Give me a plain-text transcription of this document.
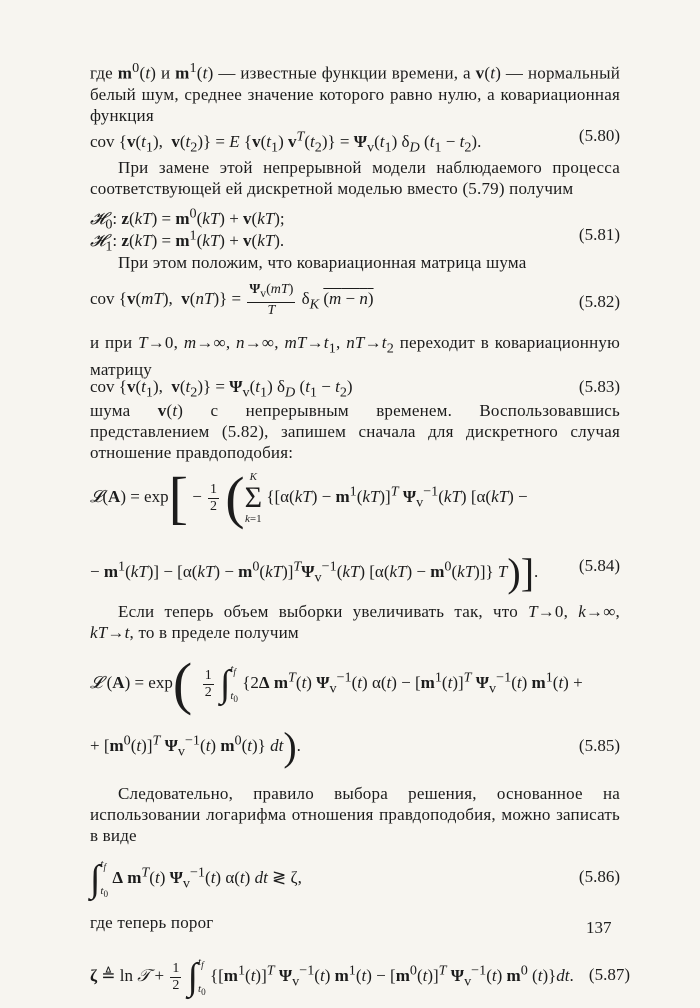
где $m^0(t)$ и $m^1(t)$ — известные функции времени, а v(t) — нормальный белый шум, среднее значение которого равно нулю, а ковариационная функция

cov {$v(t_1)$,  $v(t_2)\} = E$ $\{v(t_1) v^T(t_2)\} = \Psi_v(t_1)$ $\delta_D$ $(t_1 - t_2)$.	(5.80)

При замене этой непрерывной модели наблюдаемого процесса соответствующей ей дискретной моделью вместо (5.79) получим

𝓗$_0$: $z(kT) = m^0(kT) + v(kT)$;
𝓗$_1$: $z(kT) = m^1(kT) + v(kT)$.	(5.81)

При этом положим, что ковариационная матрица шума

cov {v(mT),  $v(nT)\} = \frac{\Psi_v(mT)}{T} \delta_K$ (m − n)	(5.82)

и при T→0, m→∞, n→∞, $mT\to t_1$, $nT\to t_2$ переходит в ковариационную матрицу

cov {$v(t_1)$,  $v(t_2)\} = \Psi_v(t_1)$ $\delta_D$ $(t_1 - t_2)$	(5.83)

шума v(t) с непрерывным временем. Воспользовавшись представлением (5.82), запишем сначала для дискретного случая отношение правдоподобия:

𝓛(A) = $\exp[ - \frac{1}{2}$ ( K
Σ
k=1
{$[\alpha(kT) - m^1(kT)]^T$ $\Psi_v^{-1}(kT) [\alpha(kT)$ −
− $m^1(kT)] - [\alpha(kT) - m^0(kT)]^T\Psi_v^{-1}(kT) [\alpha(kT) - m^0(kT)]$} T)]. (5.84)

Если теперь объем выборки увеличивать так, что T→0, k→∞, kT→t, то в пределе получим

𝓛 $(A) = \exp( \frac{1}{2} \int t_f$

$t_0$ {2Δ $m^T(t)$ $\Psi_v^{-1}(t) \alpha(t) - [m^1(t)]^T$ $\Psi_v^{-1}(t) m^1(t)$ +
+ $[m^0(t)]^T$ $\Psi_v^{-1}(t)$ $m^0(t)$} dt).	(5.85)

Следовательно, правило выбора решения, основанное на использовании логарифма отношения правдоподобия, можно записать в виде

$\int t_f$

$t_0$ Δ $m^T(t)$ $\Psi_v^{-1}(t)$ α(t) dt ≷ ζ,	(5.86)

где теперь порог

ζ ≜ ln 𝒯 + $\frac{1}{2} \int t_f$

$t_0$ {$[m^1(t)]^T$ $\Psi_v^{-1}(t) m^1(t) - [m^0(t)]^T$ $\Psi_v^{-1}(t)$ $m^0$ (t)}dt. (5.87)
137
